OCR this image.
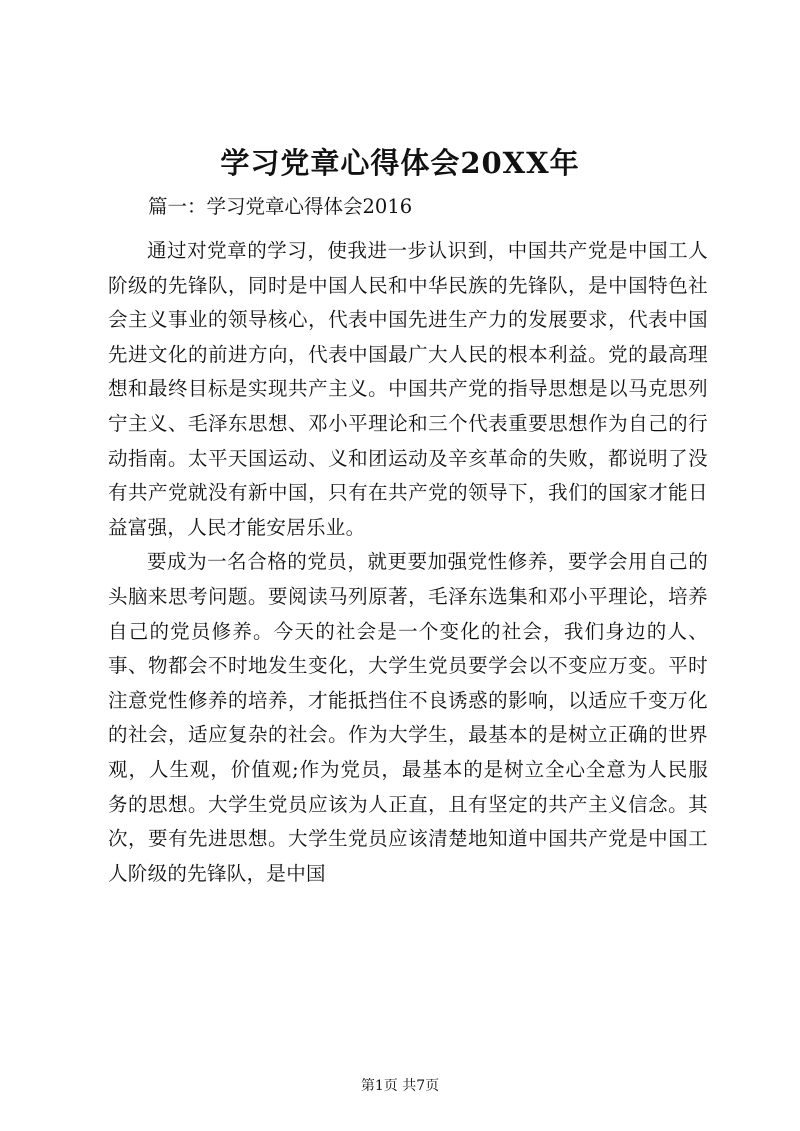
学习党章心得体会20XX年

篇一：学习党章心得体会2016

通过对党章的学习，使我进一步认识到，中国共产党是中国工人阶级的先锋队，同时是中国人民和中华民族的先锋队，是中国特色社会主义事业的领导核心，代表中国先进生产力的发展要求，代表中国先进文化的前进方向，代表中国最广大人民的根本利益。党的最高理想和最终目标是实现共产主义。中国共产党的指导思想是以马克思列宁主义、毛泽东思想、邓小平理论和三个代表重要思想作为自己的行动指南。太平天国运动、义和团运动及辛亥革命的失败，都说明了没有共产党就没有新中国，只有在共产党的领导下，我们的国家才能日益富强，人民才能安居乐业。

要成为一名合格的党员，就更要加强党性修养，要学会用自己的头脑来思考问题。要阅读马列原著，毛泽东选集和邓小平理论，培养自己的党员修养。今天的社会是一个变化的社会，我们身边的人、事、物都会不时地发生变化，大学生党员要学会以不变应万变。平时注意党性修养的培养，才能抵挡住不良诱惑的影响，以适应千变万化的社会，适应复杂的社会。作为大学生，最基本的是树立正确的世界观，人生观，价值观;作为党员，最基本的是树立全心全意为人民服务的思想。大学生党员应该为人正直，且有坚定的共产主义信念。其次，要有先进思想。大学生党员应该清楚地知道中国共产党是中国工人阶级的先锋队，是中国

第1页 共7页
